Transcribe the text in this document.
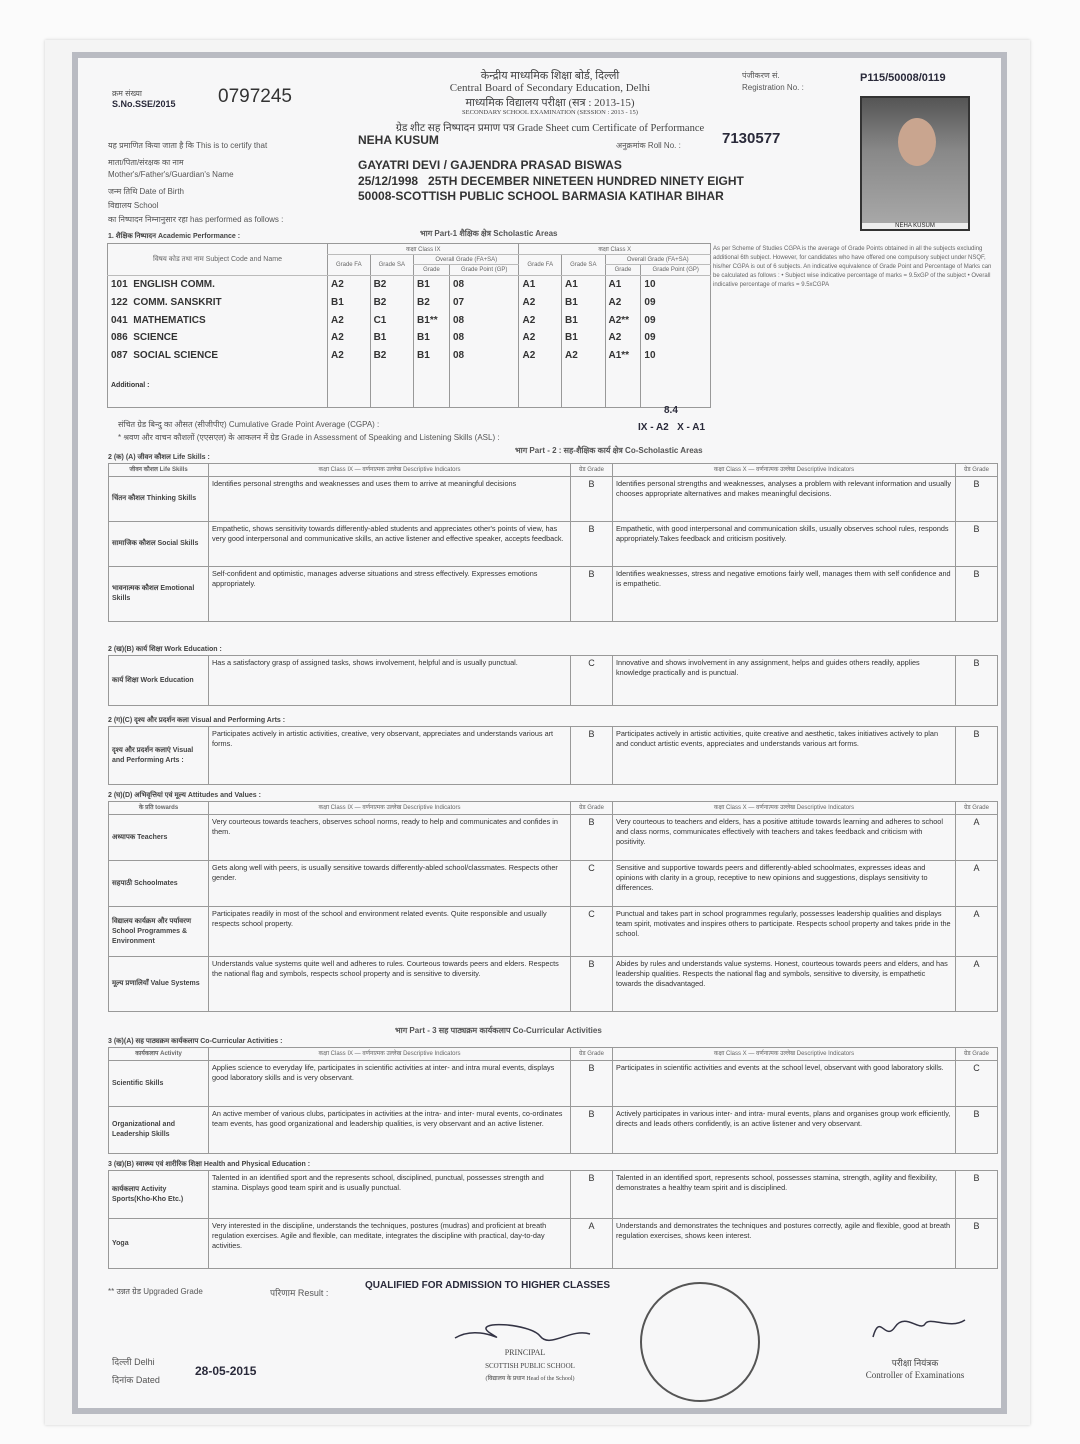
क्रम संख्या
S.No.SSE/2015 0797245
केन्द्रीय माध्यमिक शिक्षा बोर्ड, दिल्ली
Central Board of Secondary Education, Delhi
माध्यमिक विद्यालय परीक्षा (सत्र : 2013-15)
SECONDARY SCHOOL EXAMINATION (SESSION : 2013 - 15)
ग्रेड शीट सह निष्पादन प्रमाण पत्र Grade Sheet cum Certificate of Performance
पंजीकरण सं.
Registration No. :
P115/50008/0119
NEHA KUSUM
यह प्रमाणित किया जाता है कि This is to certify that	NEHA KUSUM	अनुक्रमांक Roll No. :	7130577
माता/पिता/संरक्षक का नाम
Mother's/Father's/Guardian's Name
GAYATRI DEVI / GAJENDRA PRASAD BISWAS
जन्म तिथि Date of Birth
25/12/1998   25TH DECEMBER NINETEEN HUNDRED NINETY EIGHT
विद्यालय School
50008-SCOTTISH PUBLIC SCHOOL BARMASIA KATIHAR BIHAR
का निष्पादन निम्नानुसार रहा has performed as follows :
1. शैक्षिक निष्पादन Academic Performance :	भाग Part-1 शैक्षिक क्षेत्र Scholastic Areas
विषय कोड तथा नाम Subject Code and Name	कक्षा Class IX				कक्षा Class X			
	Grade FA	Grade SA	Overall Grade (FA+SA)		Grade FA	Grade SA	Overall Grade (FA+SA)	
			Grade	Grade Point (GP)			Grade	Grade Point (GP)
101 ENGLISH COMM.	A2	B2	B1	08	A1	A1	A1	10
122 COMM. SANSKRIT	B1	B2	B2	07	A2	B1	A2	09
041 MATHEMATICS	A2	C1	B1**	08	A2	B1	A2**	09
086 SCIENCE	A2	B1	B1	08	A2	B1	A2	09
087 SOCIAL SCIENCE	A2	B2	B1	08	A2	A2	A1**	10
Additional :								
As per Scheme of Studies CGPA is the average of Grade Points obtained in all the subjects excluding additional 6th subject. However, for candidates who have offered one compulsory subject under NSQF, his/her CGPA is out of 6 subjects. An indicative equivalence of Grade Point and Percentage of Marks can be calculated as follows : • Subject wise indicative percentage of marks = 9.5xGP of the subject • Overall indicative percentage of marks = 9.5xCGPA
संचित ग्रेड बिन्दु का औसत (सीजीपीए) Cumulative Grade Point Average (CGPA) :
8.4
* श्रवण और वाचन कौशलों (एएसएल) के आकलन में ग्रेड Grade in Assessment of Speaking and Listening Skills (ASL) :
IX - A2   X - A1
भाग Part - 2 : सह-शैक्षिक कार्य क्षेत्र Co-Scholastic Areas
2 (क) (A) जीवन कौशल Life Skills :
जीवन कौशल Life Skills	कक्षा Class IX — वर्णनात्मक उल्लेख Descriptive Indicators	ग्रेड Grade	कक्षा Class X — वर्णनात्मक उल्लेख Descriptive Indicators	ग्रेड Grade
चिंतन कौशल Thinking Skills	Identifies personal strengths and weaknesses and uses them to arrive at meaningful decisions	B	Identifies personal strengths and weaknesses, analyses a problem with relevant information and usually chooses appropriate alternatives and makes meaningful decisions.	B
सामाजिक कौशल Social Skills	Empathetic, shows sensitivity towards differently-abled students and appreciates other's points of view, has very good interpersonal and communicative skills, an active listener and effective speaker, accepts feedback.	B	Empathetic, with good interpersonal and communication skills, usually observes school rules, responds appropriately.Takes feedback and criticism positively.	B
भावनात्मक कौशल Emotional Skills	Self-confident and optimistic, manages adverse situations and stress effectively. Expresses emotions appropriately.	B	Identifies weaknesses, stress and negative emotions fairly well, manages them with self confidence and is empathetic.	B
2 (ख)(B) कार्य शिक्षा Work Education :
कार्य शिक्षा Work Education	Has a satisfactory grasp of assigned tasks, shows involvement, helpful and is usually punctual.	C	Innovative and shows involvement in any assignment, helps and guides others readily, applies knowledge practically and is punctual.	B
2 (ग)(C) दृश्य और प्रदर्शन कला Visual and Performing Arts :
दृश्य और प्रदर्शन कलाएं Visual and Performing Arts :	Participates actively in artistic activities, creative, very observant, appreciates and understands various art forms.	B	Participates actively in artistic activities, quite creative and aesthetic, takes initiatives actively to plan and conduct artistic events, appreciates and understands various art forms.	B
2 (घ)(D) अभिवृत्तियां एवं मूल्य Attitudes and Values :
के प्रति towards	कक्षा Class IX — वर्णनात्मक उल्लेख Descriptive Indicators	ग्रेड Grade	कक्षा Class X — वर्णनात्मक उल्लेख Descriptive Indicators	ग्रेड Grade
अध्यापक Teachers	Very courteous towards teachers, observes school norms, ready to help and communicates and confides in them.	B	Very courteous to teachers and elders, has a positive attitude towards learning and adheres to school and class norms, communicates effectively with teachers and takes feedback and criticism with positivity.	A
सहपाठी Schoolmates	Gets along well with peers, is usually sensitive towards differently-abled school/classmates. Respects other gender.	C	Sensitive and supportive towards peers and differently-abled schoolmates, expresses ideas and opinions with clarity in a group, receptive to new opinions and suggestions, displays sensitivity to differences.	A
विद्यालय कार्यक्रम और पर्यावरण School Programmes & Environment	Participates readily in most of the school and environment related events. Quite responsible and usually respects school property.	C	Punctual and takes part in school programmes regularly, possesses leadership qualities and displays team spirit, motivates and inspires others to participate. Respects school property and takes pride in the school.	A
मूल्य प्रणालियाँ Value Systems	Understands value systems quite well and adheres to rules. Courteous towards peers and elders. Respects the national flag and symbols, respects school property and is sensitive to diversity.	B	Abides by rules and understands value systems. Honest, courteous towards peers and elders, and has leadership qualities. Respects the national flag and symbols, sensitive to diversity, is empathetic towards the disadvantaged.	A
3 (क)(A) सह पाठ्यक्रम कार्यकलाप Co-Curricular Activities :
कार्यकलाप Activity	कक्षा Class IX — वर्णनात्मक उल्लेख Descriptive Indicators	ग्रेड Grade	कक्षा Class X — वर्णनात्मक उल्लेख Descriptive Indicators	ग्रेड Grade
Scientific Skills	Applies science to everyday life, participates in scientific activities at inter- and intra mural events, displays good laboratory skills and is very observant.	B	Participates in scientific activities and events at the school level, observant with good laboratory skills.	C
Organizational and Leadership Skills	An active member of various clubs, participates in activities at the intra- and inter- mural events, co-ordinates team events, has good organizational and leadership qualities, is very observant and an active listener.	B	Actively participates in various inter- and intra- mural events, plans and organises group work efficiently, directs and leads others confidently, is an active listener and very observant.	B
3 (ख)(B) स्वास्थ्य एवं शारीरिक शिक्षा Health and Physical Education :
कार्यकलाप Activity Sports(Kho-Kho Etc.)	Talented in an identified sport and the represents school, disciplined, punctual, possesses strength and stamina. Displays good team spirit and is usually punctual.	B	Talented in an identified sport, represents school, possesses stamina, strength, agility and flexibility, demonstrates a healthy team spirit and is disciplined.	B
Yoga	Very interested in the discipline, understands the techniques, postures (mudras) and proficient at breath regulation exercises. Agile and flexible, can meditate, integrates the discipline with practical, day-to-day activities.	A	Understands and demonstrates the techniques and postures correctly, agile and flexible, good at breath regulation exercises, shows keen interest.	B
भाग Part - 3 सह पाठ्यक्रम कार्यकलाप Co-Curricular Activities
** उन्नत ग्रेड Upgraded Grade	परिणाम Result :
QUALIFIED FOR ADMISSION TO HIGHER CLASSES
दिल्ली Delhi
दिनांक Dated
28-05-2015
PRINCIPAL
SCOTTISH PUBLIC SCHOOL
(विद्यालय के प्रधान Head of the School)
परीक्षा नियंत्रक
Controller of Examinations
